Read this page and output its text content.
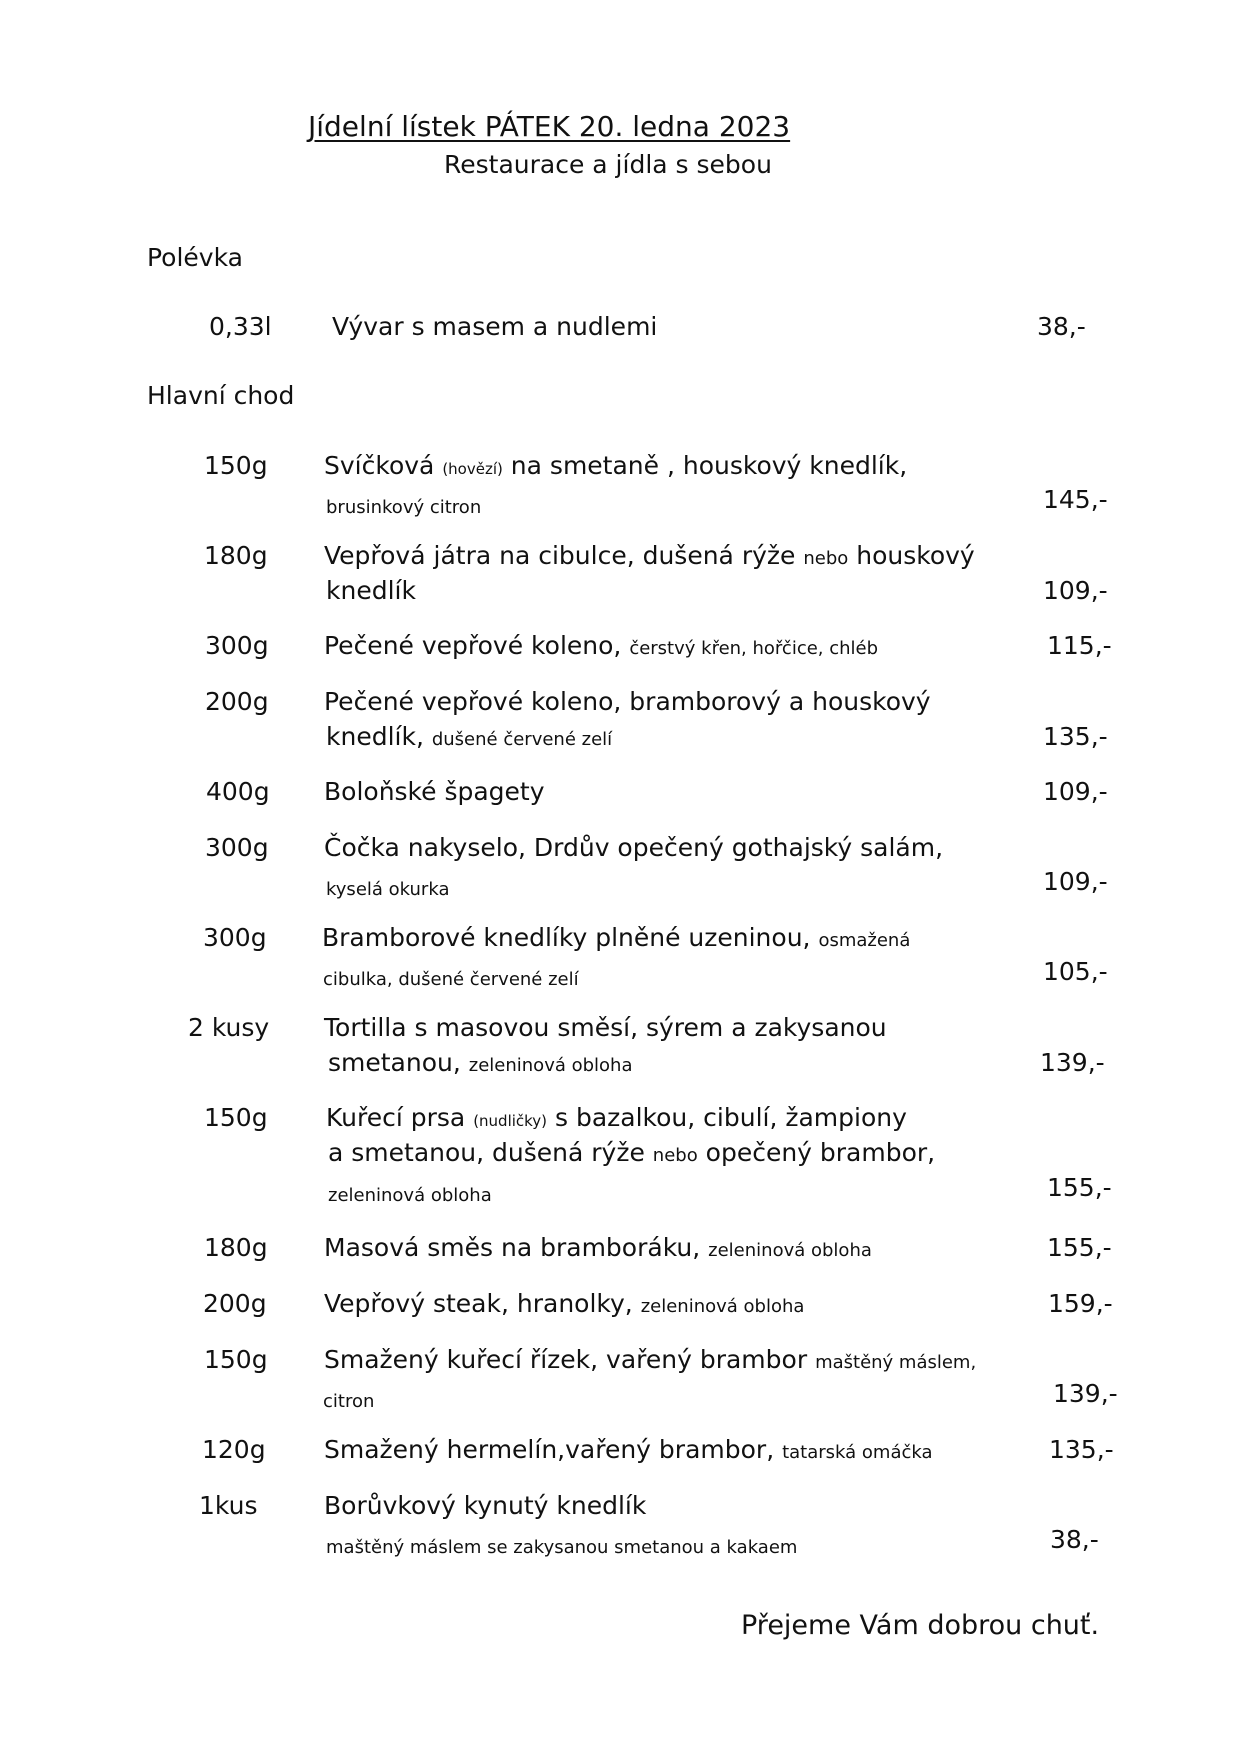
Jídelní lístek PÁTEK 20. ledna 2023
Restaurace a jídla s sebou
Polévka
0,33l Vývar s masem a nudlemi	38,-
Hlavní chod
150g Svíčková (hovězí) na smetaně , houskový knedlík,
brusinkový citron	145,-
180g Vepřová játra na cibulce, dušená rýže nebo houskový
knedlík	109,-
300g Pečené vepřové koleno, čerstvý křen, hořčice, chléb	115,-
200g Pečené vepřové koleno, bramborový a houskový
knedlík, dušené červené zelí	135,-
400g Boloňské špagety	109,-
300g Čočka nakyselo, Drdův opečený gothajský salám,
kyselá okurka	109,-
300g Bramborové knedlíky plněné uzeninou, osmažená
cibulka, dušené červené zelí	105,-
2 kusy Tortilla s masovou směsí, sýrem a zakysanou
smetanou, zeleninová obloha	139,-
150g Kuřecí prsa (nudličky) s bazalkou, cibulí, žampiony
a smetanou, dušená rýže nebo opečený brambor,
zeleninová obloha	155,-
180g Masová směs na bramboráku, zeleninová obloha	155,-
200g Vepřový steak, hranolky, zeleninová obloha	159,-
150g Smažený kuřecí řízek, vařený brambor maštěný máslem,
citron	139,-
120g Smažený hermelín,vařený brambor, tatarská omáčka	135,-
1kus	Borůvkový kynutý knedlík
maštěný máslem se zakysanou smetanou a kakaem	38,-
Přejeme Vám dobrou chuť.
